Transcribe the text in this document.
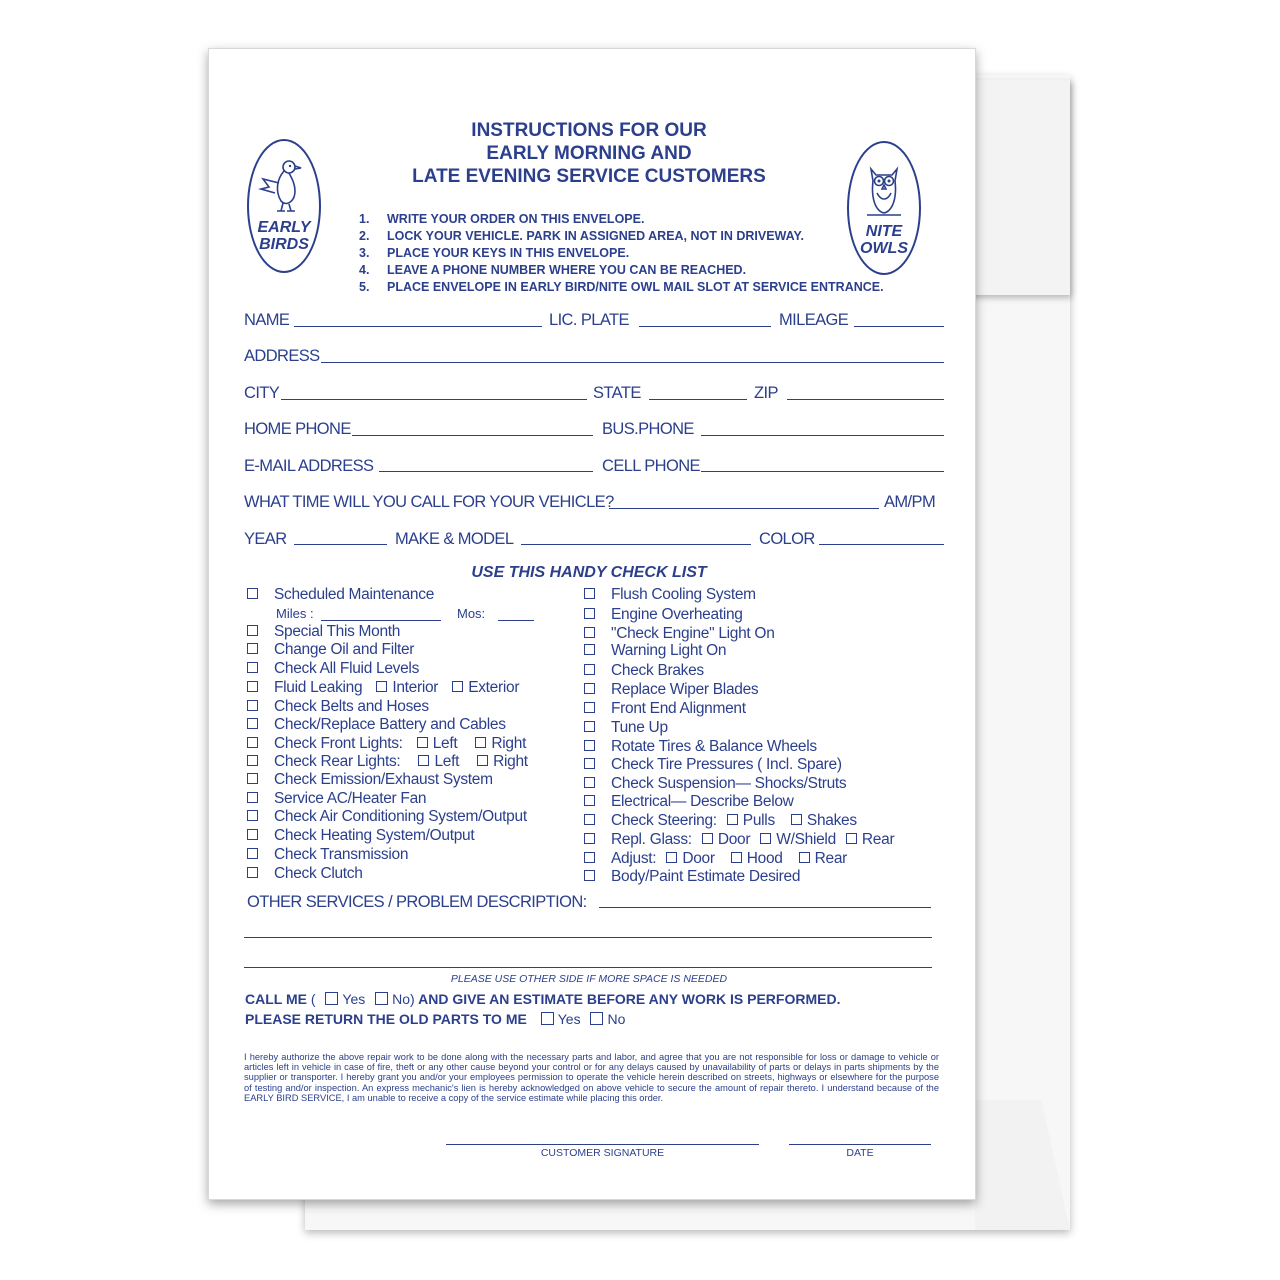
INSTRUCTIONS FOR OUR
EARLY MORNING AND
LATE EVENING SERVICE CUSTOMERS
EARLY
BIRDS
NITE
OWLS
1. WRITE YOUR ORDER ON THIS ENVELOPE.
2. LOCK YOUR VEHICLE. PARK IN ASSIGNED AREA, NOT IN DRIVEWAY.
3. PLACE YOUR KEYS IN THIS ENVELOPE.
4. LEAVE A PHONE NUMBER WHERE YOU CAN BE REACHED.
5. PLACE ENVELOPE IN EARLY BIRD/NITE OWL MAIL SLOT AT SERVICE ENTRANCE.
NAME	LIC. PLATE	MILEAGE
ADDRESS
CITY	STATE	ZIP
HOME PHONE	BUS.PHONE
E-MAIL ADDRESS	CELL PHONE
WHAT TIME WILL YOU CALL FOR YOUR VEHICLE?	AM/PM
YEAR	MAKE & MODEL	COLOR
USE THIS HANDY CHECK LIST
Scheduled Maintenance
Miles :	Mos:
Special This Month
Change Oil and Filter
Check All Fluid Levels
Fluid Leaking Interior Exterior
Check Belts and Hoses
Check/Replace Battery and Cables
Check Front Lights: Left Right
Check Rear Lights: Left Right
Check Emission/Exhaust System
Service AC/Heater Fan
Check Air Conditioning System/Output
Check Heating System/Output
Check Transmission
Check Clutch
Flush Cooling System
Engine Overheating
"Check Engine" Light On
Warning Light On
Check Brakes
Replace Wiper Blades
Front End Alignment
Tune Up
Rotate Tires & Balance Wheels
Check Tire Pressures ( Incl. Spare)
Check Suspension— Shocks/Struts
Electrical— Describe Below
Check Steering: Pulls Shakes
Repl. Glass: Door W/Shield Rear
Adjust: Door Hood Rear
Body/Paint Estimate Desired
OTHER SERVICES / PROBLEM DESCRIPTION:
PLEASE USE OTHER SIDE IF MORE SPACE IS NEEDED
CALL ME ( Yes No) AND GIVE AN ESTIMATE BEFORE ANY WORK IS PERFORMED.
PLEASE RETURN THE OLD PARTS TO ME Yes No
I hereby authorize the above repair work to be done along with the necessary parts and labor, and agree that you are not responsible for loss or damage to vehicle or articles left in vehicle in case of fire, theft or any other cause beyond your control or for any delays caused by unavailability of parts or delays in parts shipments by the supplier or transporter. I hereby grant you and/or your employees permission to operate the vehicle herein described on streets, highways or elsewhere for the purpose of testing and/or inspection. An express mechanic's lien is hereby acknowledged on above vehicle to secure the amount of repair thereto. I understand because of the EARLY BIRD SERVICE, I am unable to receive a copy of the service estimate while placing this order.
CUSTOMER SIGNATURE	DATE
